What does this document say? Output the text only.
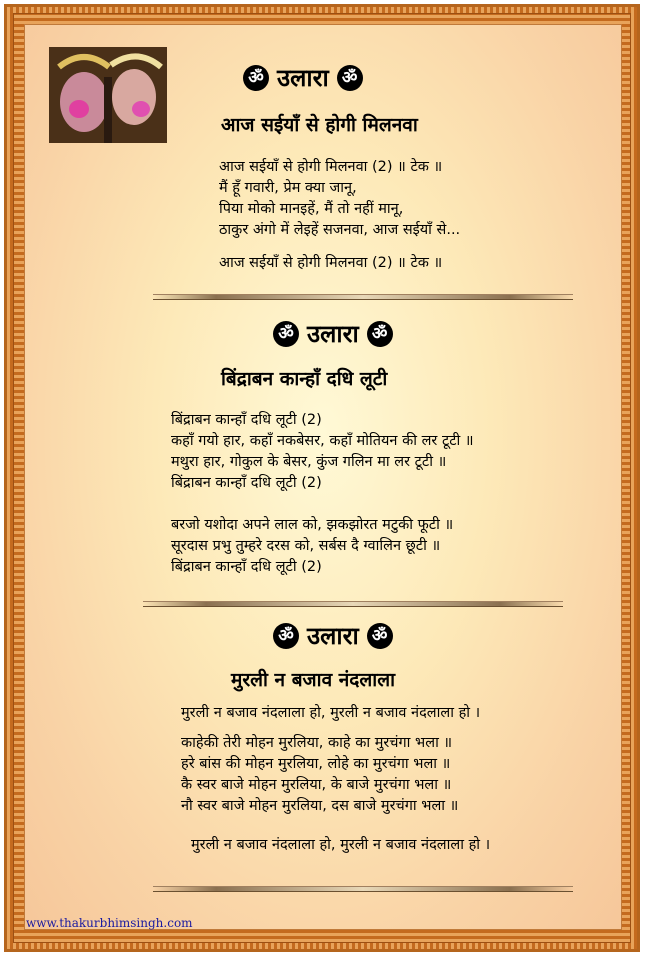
ॐ उलारा ॐ
आज सईयाँ से होगी मिलनवा
आज सईयाँ से होगी मिलनवा (2) ॥ टेक ॥
मैं हूँ गवारी, प्रेम क्या जानू,
पिया मोको मानइहें, मैं तो नहीं मानू,
ठाकुर अंगो में लेइहें सजनवा, आज सईयाँ से...
आज सईयाँ से होगी मिलनवा (2) ॥ टेक ॥
ॐ उलारा ॐ
बिंद्राबन कान्हाँ दधि लूटी
बिंद्राबन कान्हाँ दधि लूटी (2)
कहाँ गयो हार, कहाँ नकबेसर, कहाँ मोतियन की लर टूटी ॥
मथुरा हार, गोकुल के बेसर, कुंज गलिन मा लर टूटी ॥
बिंद्राबन कान्हाँ दधि लूटी (2)
बरजो यशोदा अपने लाल को, झकझोरत मटुकी फूटी ॥
सूरदास प्रभु तुम्हरे दरस को, सर्बस दै ग्वालिन छूटी ॥
बिंद्राबन कान्हाँ दधि लूटी (2)
ॐ उलारा ॐ
मुरली न बजाव नंदलाला
मुरली न बजाव नंदलाला हो, मुरली न बजाव नंदलाला हो ।
काहेकी तेरी मोहन मुरलिया, काहे का मुरचंगा भला ॥
हरे बांस की मोहन मुरलिया, लोहे का मुरचंगा भला ॥
कै स्वर बाजे मोहन मुरलिया, के बाजे मुरचंगा भला ॥
नौ स्वर बाजे मोहन मुरलिया, दस बाजे मुरचंगा भला ॥
मुरली न बजाव नंदलाला हो, मुरली न बजाव नंदलाला हो ।
www.thakurbhimsingh.com
